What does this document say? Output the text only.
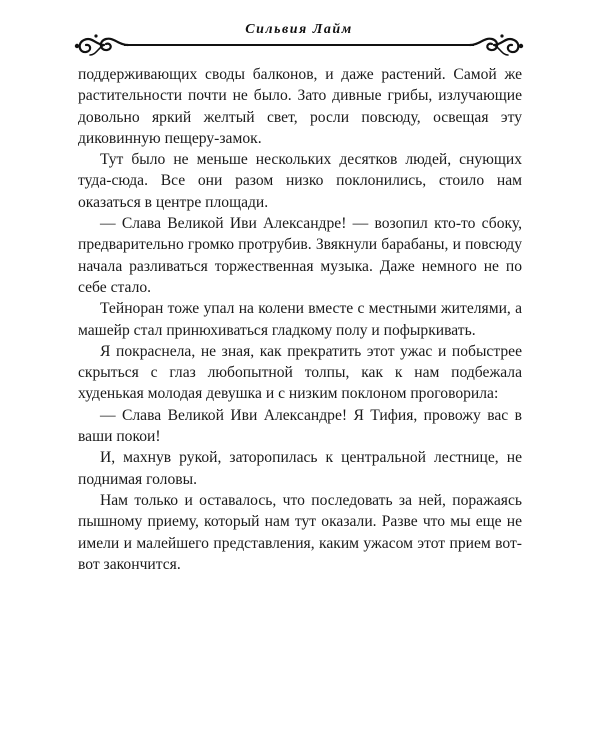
Сильвия Лайм

поддерживающих своды балконов, и даже растений. Самой же растительности почти не было. Зато дивные грибы, излучающие довольно яркий желтый свет, росли повсюду, освещая эту диковинную пещеру-замок.

Тут было не меньше нескольких десятков людей, снующих туда-сюда. Все они разом низко поклонились, стоило нам оказаться в центре площади.

— Слава Великой Иви Александре! — возопил кто-то сбоку, предварительно громко протрубив. Звякнули барабаны, и повсюду начала разливаться торжественная музыка. Даже немного не по себе стало.

Тейноран тоже упал на колени вместе с местными жителями, а машейр стал принюхиваться гладкому полу и пофыркивать.

Я покраснела, не зная, как прекратить этот ужас и побыстрее скрыться с глаз любопытной толпы, как к нам подбежала худенькая молодая девушка и с низким поклоном проговорила:

— Слава Великой Иви Александре! Я Тифия, провожу вас в ваши покои!

И, махнув рукой, заторопилась к центральной лестнице, не поднимая головы.

Нам только и оставалось, что последовать за ней, поражаясь пышному приему, который нам тут оказали. Разве что мы еще не имели и малейшего представления, каким ужасом этот прием вот-вот закончится.
